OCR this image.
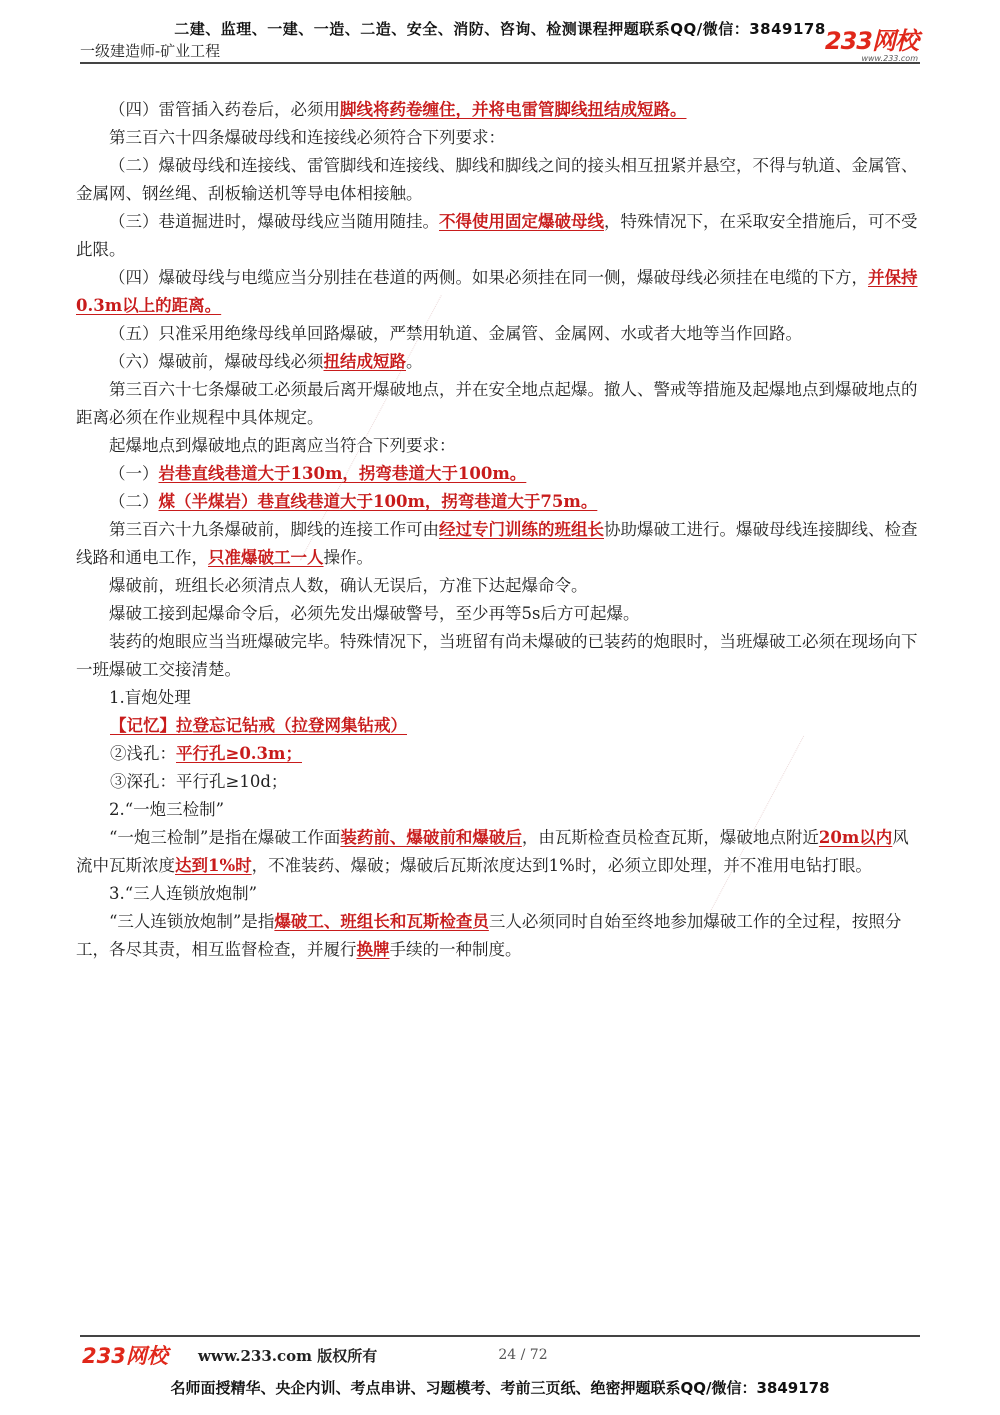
二建、监理、一建、一造、二造、安全、消防、咨询、检测课程押题联系QQ/微信：3849178
一级建造师-矿业工程	233网校
www.233.com

（四）雷管插入药卷后，必须用脚线将药卷缠住，并将电雷管脚线扭结成短路。

第三百六十四条爆破母线和连接线必须符合下列要求：

（二）爆破母线和连接线、雷管脚线和连接线、脚线和脚线之间的接头相互扭紧并悬空，不得与轨道、金属管、金属网、钢丝绳、刮板输送机等导电体相接触。

（三）巷道掘进时，爆破母线应当随用随挂。不得使用固定爆破母线，特殊情况下，在采取安全措施后，可不受此限。

（四）爆破母线与电缆应当分别挂在巷道的两侧。如果必须挂在同一侧，爆破母线必须挂在电缆的下方，并保持0.3m以上的距离。

（五）只准采用绝缘母线单回路爆破，严禁用轨道、金属管、金属网、水或者大地等当作回路。

（六）爆破前，爆破母线必须扭结成短路。

第三百六十七条爆破工必须最后离开爆破地点，并在安全地点起爆。撤人、警戒等措施及起爆地点到爆破地点的距离必须在作业规程中具体规定。

起爆地点到爆破地点的距离应当符合下列要求：

（一）岩巷直线巷道大于130m，拐弯巷道大于100m。

（二）煤（半煤岩）巷直线巷道大于100m，拐弯巷道大于75m。

第三百六十九条爆破前，脚线的连接工作可由经过专门训练的班组长协助爆破工进行。爆破母线连接脚线、检查线路和通电工作，只准爆破工一人操作。

爆破前，班组长必须清点人数，确认无误后，方准下达起爆命令。

爆破工接到起爆命令后，必须先发出爆破警号，至少再等5s后方可起爆。

装药的炮眼应当当班爆破完毕。特殊情况下，当班留有尚未爆破的已装药的炮眼时，当班爆破工必须在现场向下一班爆破工交接清楚。

1.盲炮处理

【记忆】拉登忘记钻戒（拉登网集钻戒）

②浅孔：平行孔≥0.3m；

③深孔：平行孔≥10d；

2.“一炮三检制”

“一炮三检制”是指在爆破工作面装药前、爆破前和爆破后，由瓦斯检查员检查瓦斯，爆破地点附近20m以内风流中瓦斯浓度达到1%时，不准装药、爆破；爆破后瓦斯浓度达到1%时，必须立即处理，并不准用电钻打眼。

3.“三人连锁放炮制”

“三人连锁放炮制”是指爆破工、班组长和瓦斯检查员三人必须同时自始至终地参加爆破工作的全过程，按照分工，各尽其责，相互监督检查，并履行换牌手续的一种制度。

233网校 www.233.com 版权所有	24 / 72
名师面授精华、央企内训、考点串讲、习题模考、考前三页纸、绝密押题联系QQ/微信：3849178
